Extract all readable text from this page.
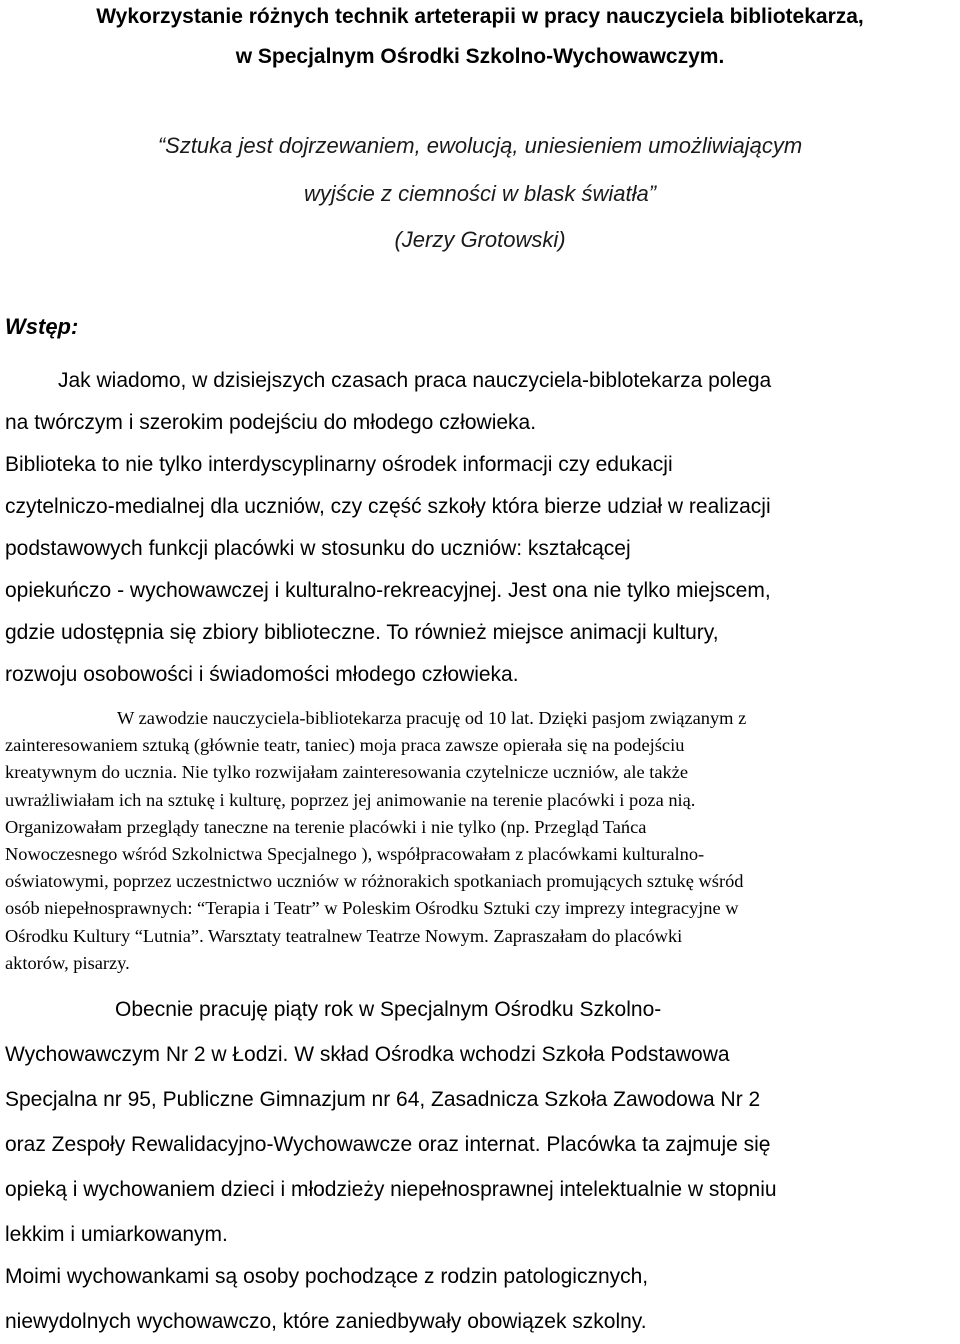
Wykorzystanie różnych technik arteterapii w pracy nauczyciela bibliotekarza,
w Specjalnym Ośrodki Szkolno-Wychowawczym.
“Sztuka jest dojrzewaniem, ewolucją, uniesieniem umożliwiającym
wyjście z ciemności w blask światła”
(Jerzy Grotowski)
Wstęp:
Jak wiadomo, w dzisiejszych czasach praca nauczyciela-biblotekarza polega
na twórczym i szerokim podejściu do młodego człowieka.
Biblioteka to nie tylko interdyscyplinarny ośrodek informacji czy edukacji
czytelniczo-medialnej dla uczniów, czy część szkoły która bierze udział w realizacji
podstawowych funkcji placówki w stosunku do uczniów: kształcącej
opiekuńczo - wychowawczej i kulturalno-rekreacyjnej. Jest ona nie tylko miejscem,
gdzie udostępnia się zbiory biblioteczne. To również miejsce animacji kultury,
rozwoju osobowości i świadomości młodego człowieka.
W zawodzie nauczyciela-bibliotekarza pracuję od 10 lat. Dzięki pasjom związanym z
zainteresowaniem sztuką (głównie teatr, taniec) moja praca zawsze opierała się na podejściu
kreatywnym do ucznia. Nie tylko rozwijałam zainteresowania czytelnicze uczniów, ale także
uwrażliwiałam ich na sztukę i kulturę, poprzez jej animowanie na terenie placówki i poza nią.
Organizowałam przeglądy taneczne na terenie placówki i nie tylko (np. Przegląd Tańca
Nowoczesnego wśród Szkolnictwa Specjalnego ), współpracowałam z placówkami kulturalno-
oświatowymi, poprzez uczestnictwo uczniów w różnorakich spotkaniach promujących sztukę wśród
osób niepełnosprawnych: “Terapia i Teatr” w Poleskim Ośrodku Sztuki czy imprezy integracyjne w
Ośrodku Kultury “Lutnia”. Warsztaty teatralnew Teatrze Nowym. Zapraszałam do placówki
aktorów, pisarzy.
Obecnie pracuję piąty rok w Specjalnym Ośrodku Szkolno-
Wychowawczym Nr 2 w Łodzi. W skład Ośrodka wchodzi Szkoła Podstawowa
Specjalna nr 95, Publiczne Gimnazjum nr 64, Zasadnicza Szkoła Zawodowa Nr 2
oraz Zespoły Rewalidacyjno-Wychowawcze oraz internat. Placówka ta zajmuje się
opieką i wychowaniem dzieci i młodzieży niepełnosprawnej intelektualnie w stopniu
lekkim i umiarkowanym.
Moimi wychowankami są osoby pochodzące z rodzin patologicznych,
niewydolnych wychowawczo, które zaniedbywały obowiązek szkolny.
